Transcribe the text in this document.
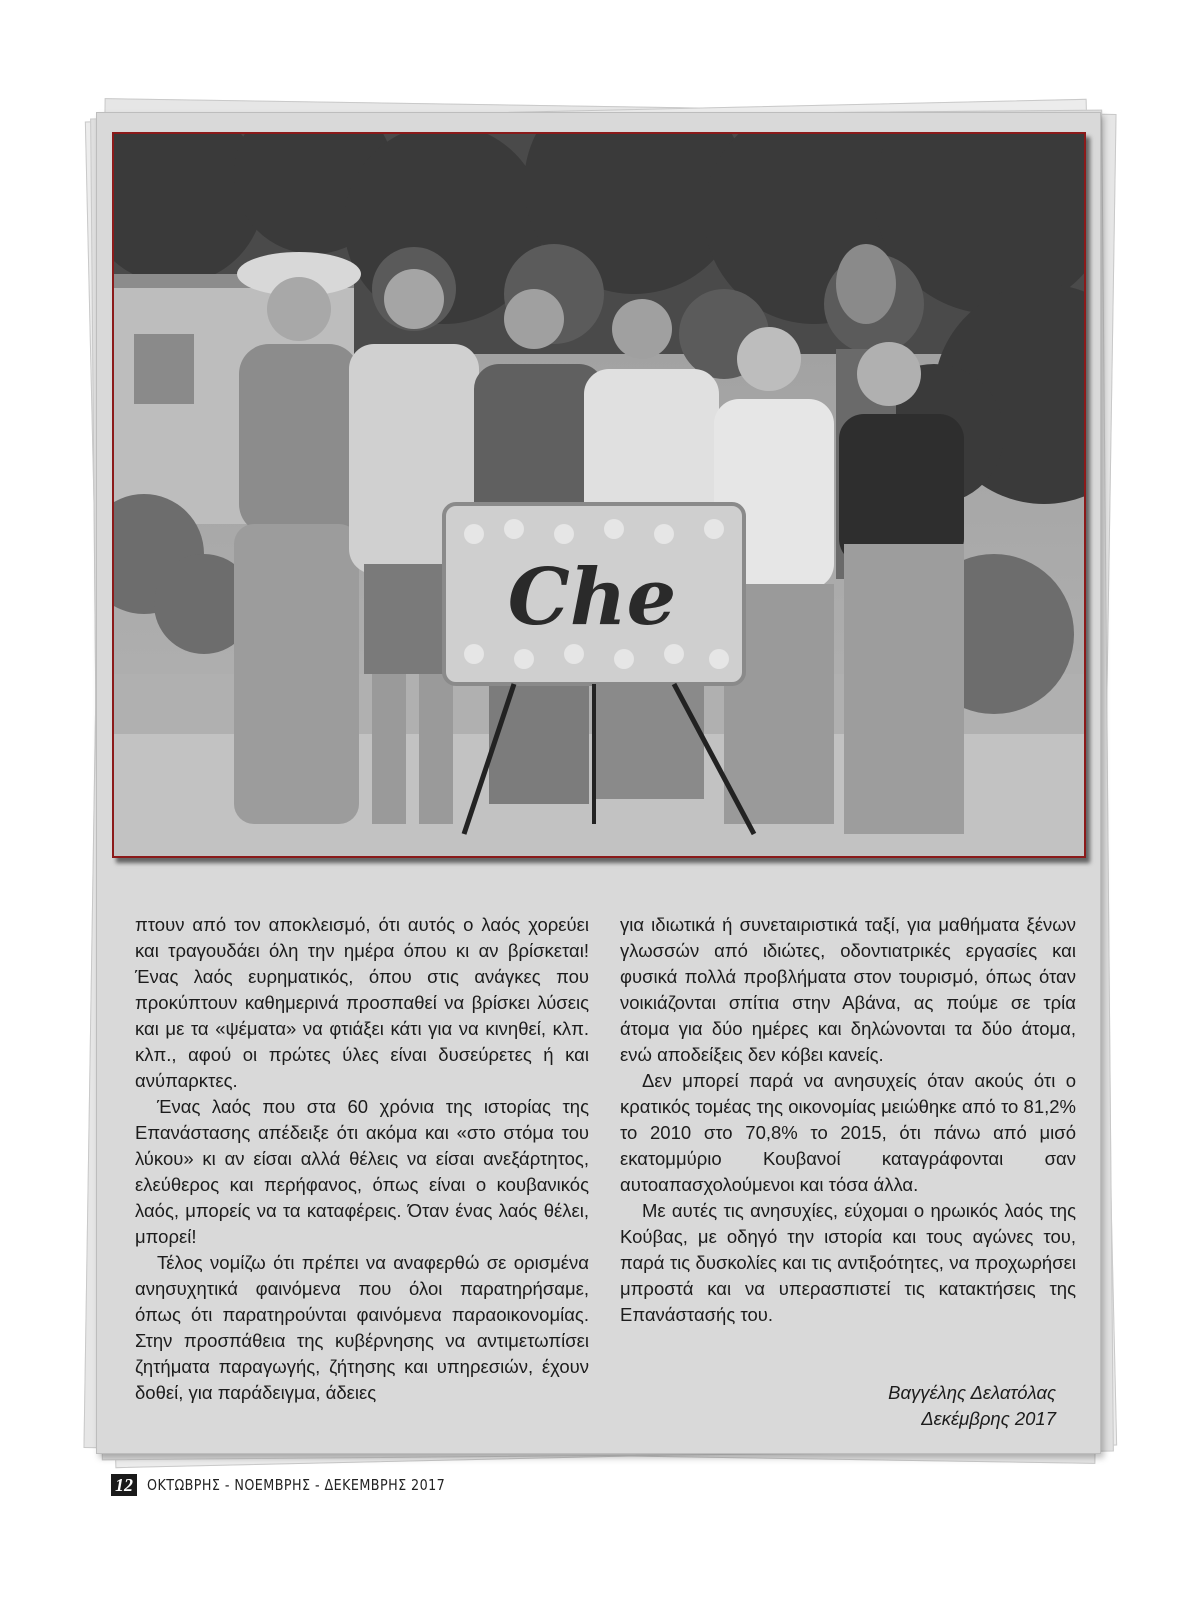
Che

πτουν από τον αποκλεισμό, ότι αυτός ο λαός χορεύει και τραγουδάει όλη την ημέρα όπου κι αν βρίσκεται! Ένας λαός ευρηματικός, όπου στις ανάγκες που προκύπτουν καθημερινά προσπαθεί να βρίσκει λύσεις και με τα «ψέματα» να φτιάξει κάτι για να κινηθεί, κλπ. κλπ., αφού οι πρώτες ύλες είναι δυσεύρετες ή και ανύπαρκτες.

Ένας λαός που στα 60 χρόνια της ιστορίας της Επανάστασης απέδειξε ότι ακόμα και «στο στόμα του λύκου» κι αν είσαι αλλά θέλεις να είσαι ανεξάρτητος, ελεύθερος και περήφανος, όπως είναι ο κουβανικός λαός, μπορείς να τα καταφέρεις. Όταν ένας λαός θέλει, μπορεί!

Τέλος νομίζω ότι πρέπει να αναφερθώ σε ορισμένα ανησυχητικά φαινόμενα που όλοι παρατηρήσαμε, όπως ότι παρατηρούνται φαινόμενα παραοικονομίας. Στην προσπάθεια της κυβέρνησης να αντιμετωπίσει ζητήματα παραγωγής, ζήτησης και υπηρεσιών, έχουν δοθεί, για παράδειγμα, άδειες

για ιδιωτικά ή συνεταιριστικά ταξί, για μαθήματα ξένων γλωσσών από ιδιώτες, οδοντιατρικές εργασίες και φυσικά πολλά προβλήματα στον τουρισμό, όπως όταν νοικιάζονται σπίτια στην Αβάνα, ας πούμε σε τρία άτομα για δύο ημέρες και δηλώνονται τα δύο άτομα, ενώ αποδείξεις δεν κόβει κανείς.

Δεν μπορεί παρά να ανησυχείς όταν ακούς ότι ο κρατικός τομέας της οικονομίας μειώθηκε από το 81,2% το 2010 στο 70,8% το 2015, ότι πάνω από μισό εκατομμύριο Κουβανοί καταγράφονται σαν αυτοαπασχολούμενοι και τόσα άλλα.

Με αυτές τις ανησυχίες, εύχομαι ο ηρωικός λαός της Κούβας, με οδηγό την ιστορία και τους αγώνες του, παρά τις δυσκολίες και τις αντιξοότητες, να προχωρήσει μπροστά και να υπερασπιστεί τις κατακτήσεις της Επανάστασής του.

Βαγγέλης Δελατόλας
Δεκέμβρης 2017
12 ΟΚΤΩΒΡΗΣ - ΝΟΕΜΒΡΗΣ - ΔΕΚΕΜΒΡΗΣ 2017
